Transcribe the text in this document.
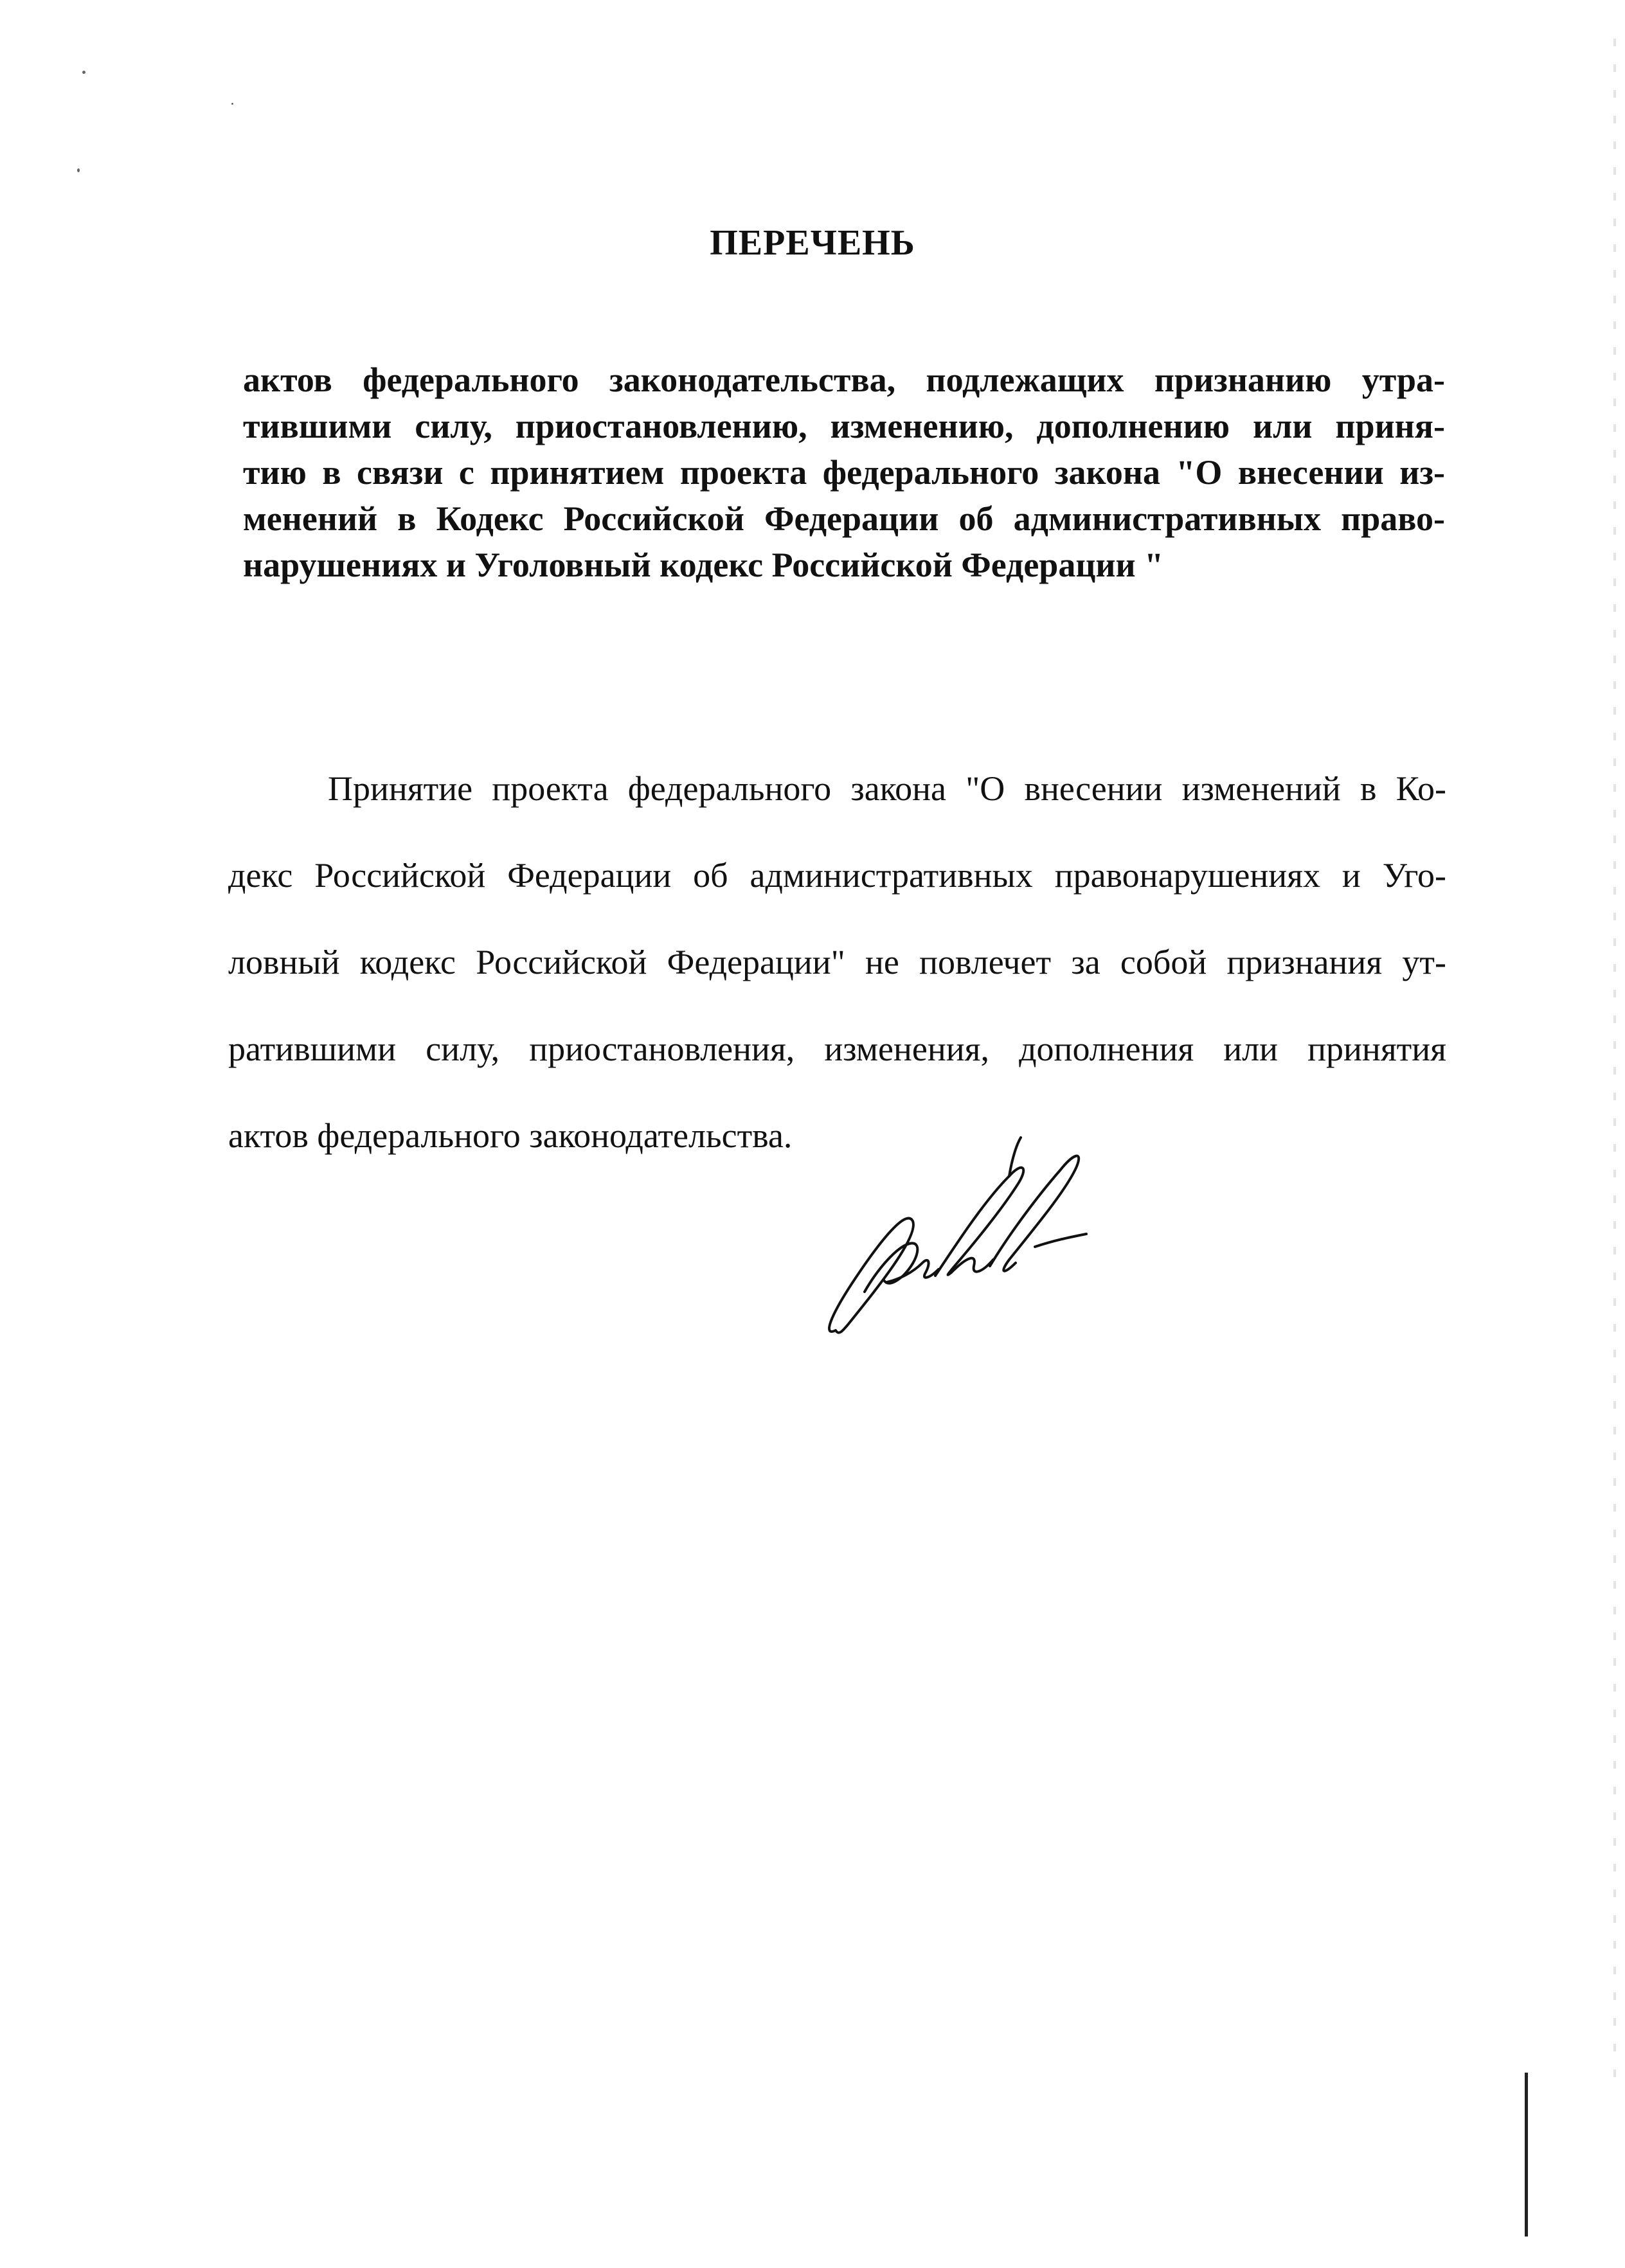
ПЕРЕЧЕНЬ
актов федерального законодательства, подлежащих признанию утра-
тившими силу, приостановлению, изменению, дополнению или приня-
тию в связи с принятием проекта федерального закона "О внесении из-
менений в Кодекс Российской Федерации об административных право-
нарушениях и Уголовный кодекс Российской Федерации "
Принятие проекта федерального закона "О внесении изменений в Ко-
декс Российской Федерации об административных правонарушениях и Уго-
ловный кодекс Российской Федерации" не повлечет за собой признания ут-
ратившими силу, приостановления, изменения, дополнения или принятия
актов федерального законодательства.
